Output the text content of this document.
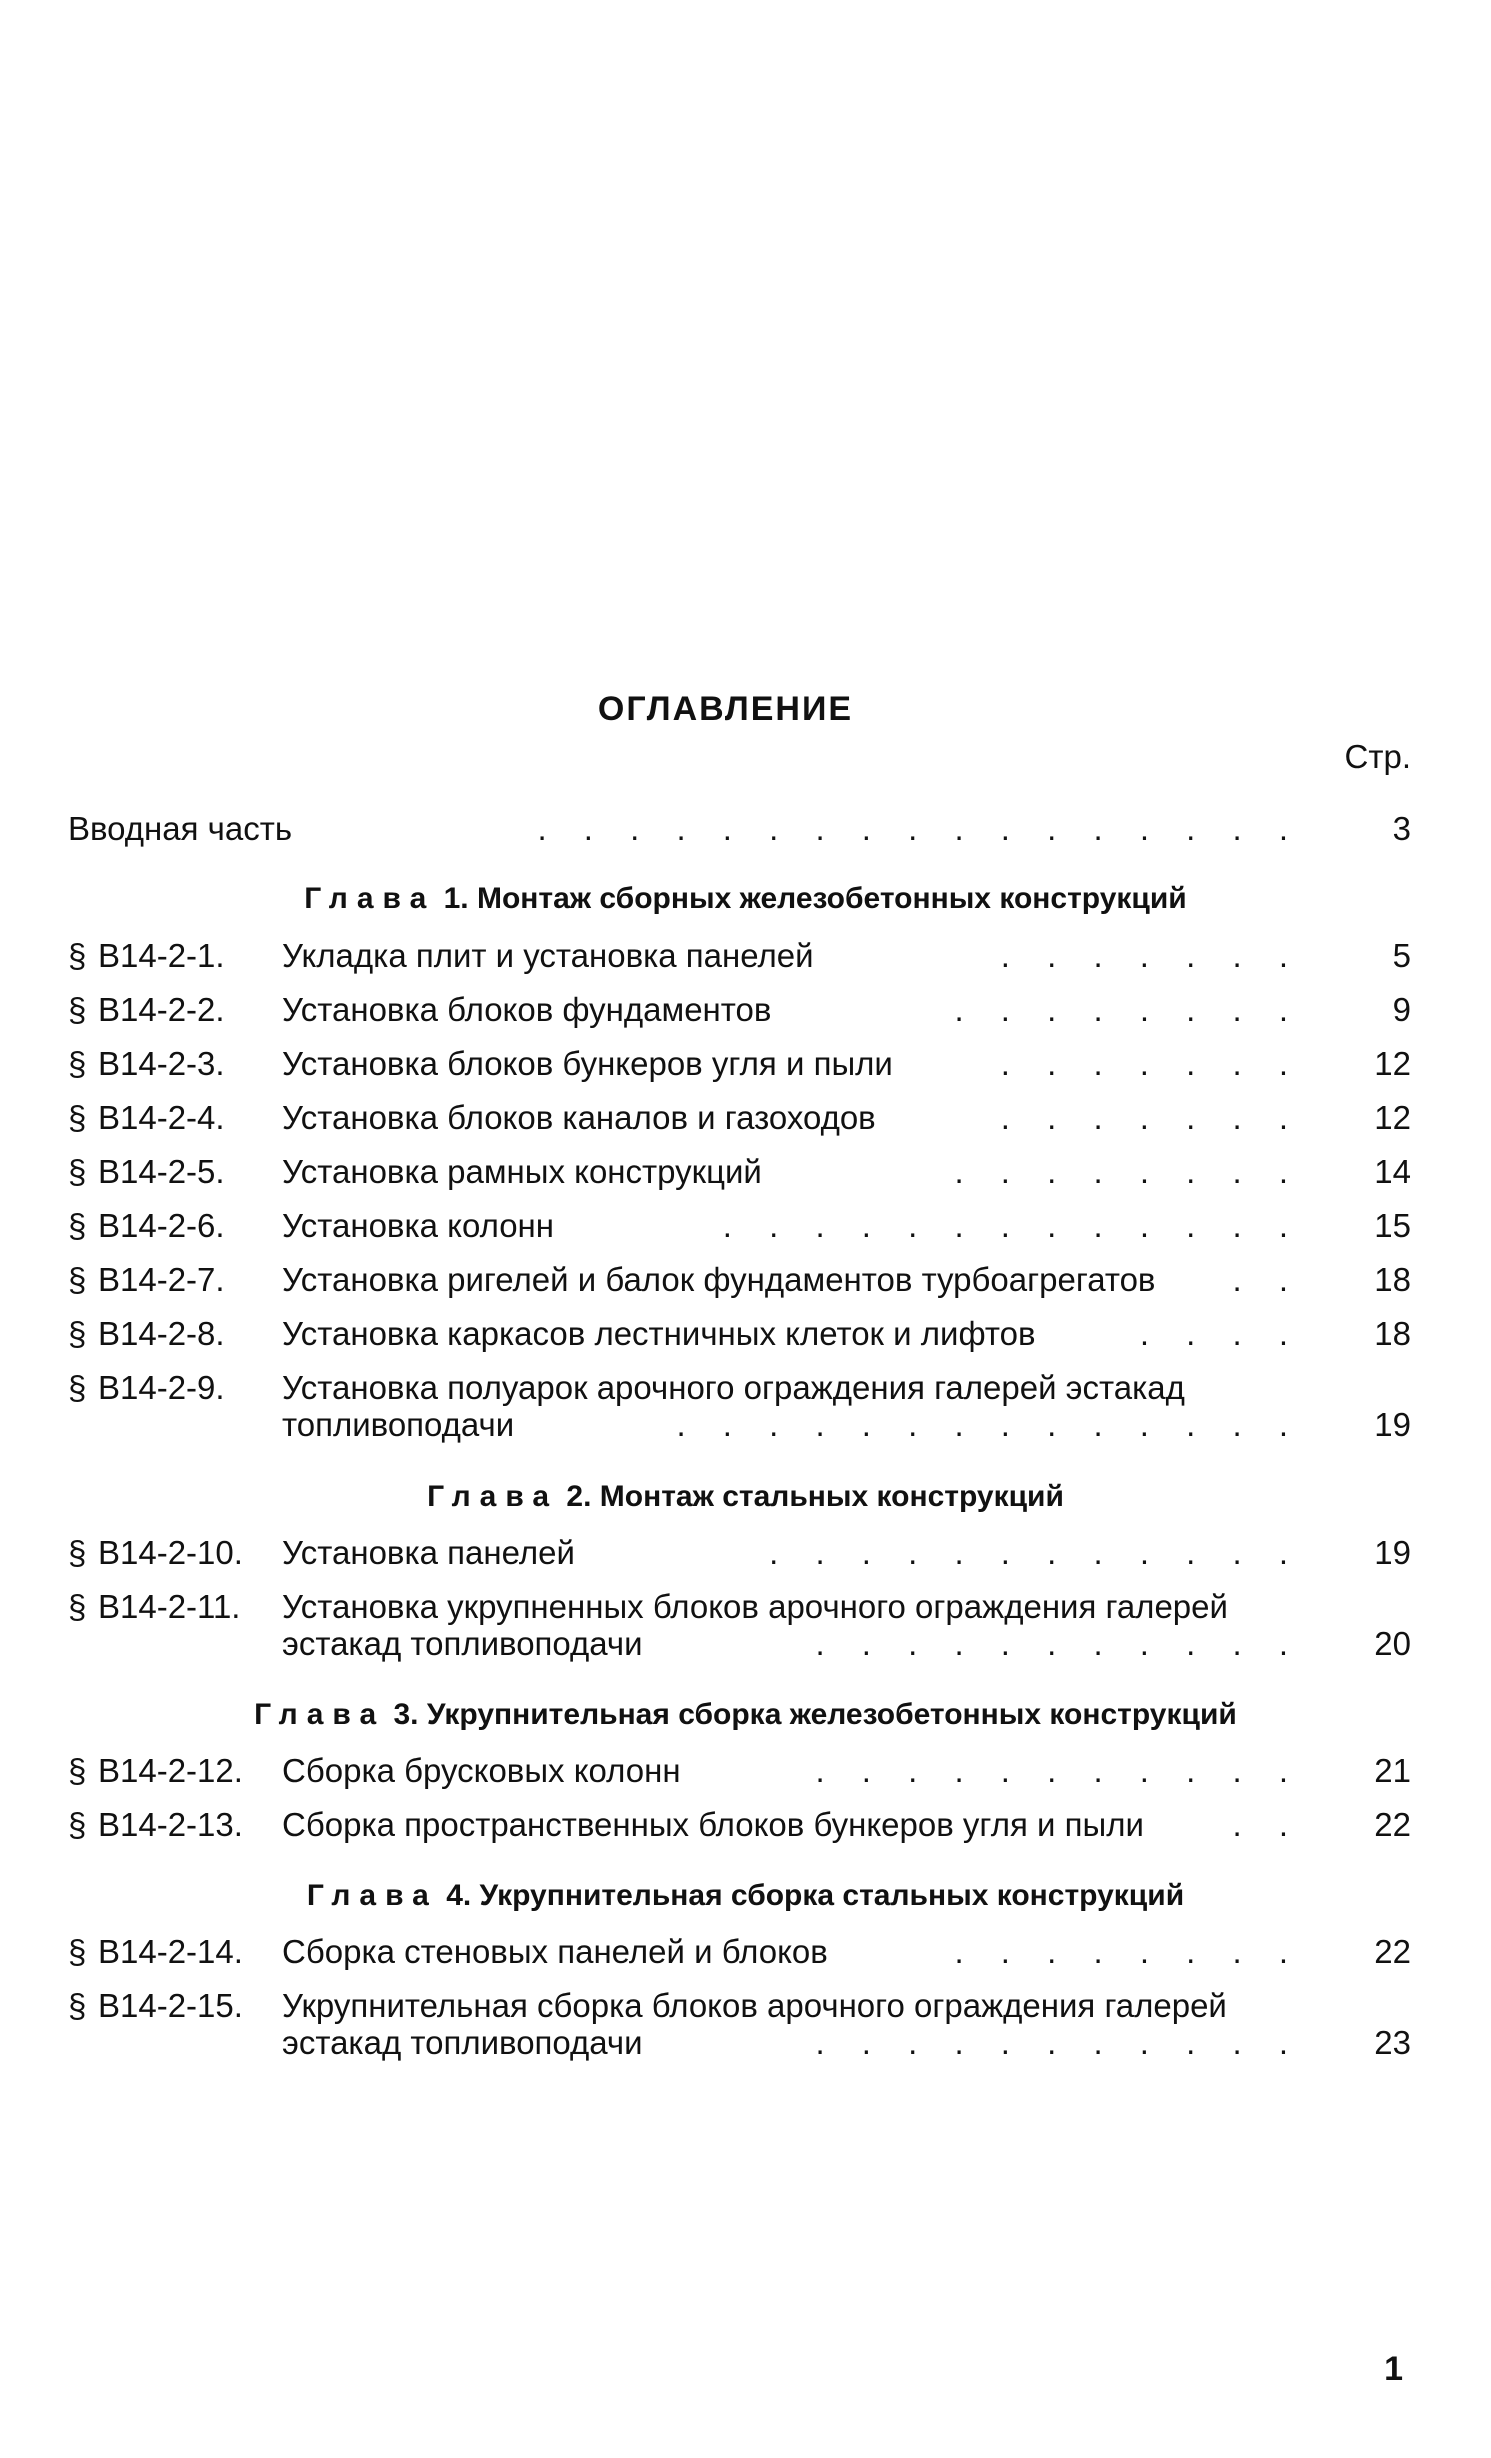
ОГЛАВЛЕНИЕ
Стр.
Вводная часть	. . . . . . . . . . . . . . . . .	3
Глава 1. Монтаж сборных железобетонных конструкций
§ В14-2-1. Укладка плит и установка панелей	. . . . . . .	5
§ В14-2-2. Установка блоков фундаментов	. . . . . . . .	9
§ В14-2-3. Установка блоков бункеров угля и пыли	. . . . . . .	12
§ В14-2-4. Установка блоков каналов и газоходов	. . . . . . .	12
§ В14-2-5. Установка рамных конструкций	. . . . . . . .	14
§ В14-2-6. Установка колонн	. . . . . . . . . . . . .	15
§ В14-2-7. Установка ригелей и балок фундаментов турбоагрегатов	. .	18
§ В14-2-8. Установка каркасов лестничных клеток и лифтов	. . . .	18
§ В14-2-9. Установка полуарок арочного ограждения галерей эстакад
топливоподачи	. . . . . . . . . . . . . .	19
Глава 2. Монтаж стальных конструкций
§ В14-2-10. Установка панелей	. . . . . . . . . . . .	19
§ В14-2-11. Установка укрупненных блоков арочного ограждения галерей
эстакад топливоподачи	. . . . . . . . . . .	20
Глава 3. Укрупнительная сборка железобетонных конструкций
§ В14-2-12. Сборка брусковых колонн	. . . . . . . . . . .	21
§ В14-2-13. Сборка пространственных блоков бункеров угля и пыли	. .	22
Глава 4. Укрупнительная сборка стальных конструкций
§ В14-2-14. Сборка стеновых панелей и блоков	. . . . . . . .	22
§ В14-2-15. Укрупнительная сборка блоков арочного ограждения галерей
эстакад топливоподачи	. . . . . . . . . . .	23
1
